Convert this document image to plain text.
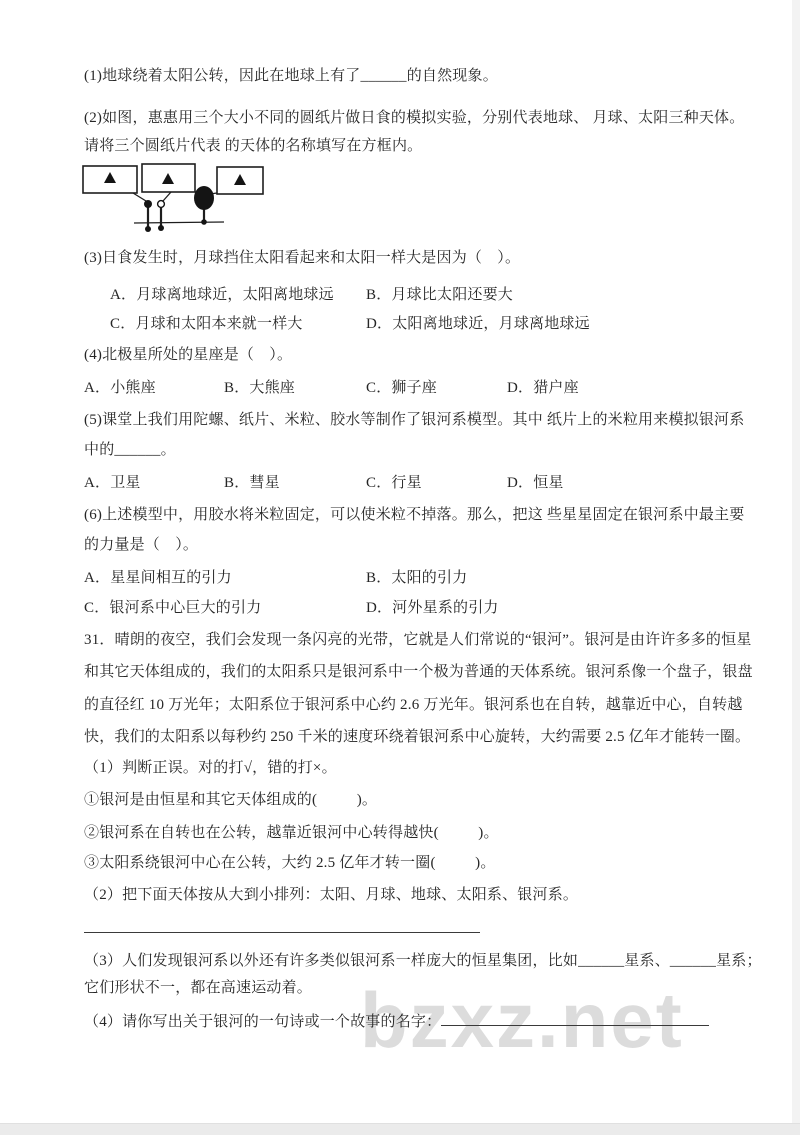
bzxz.net
(1)地球绕着太阳公转，因此在地球上有了______的自然现象。
(2)如图，惠惠用三个大小不同的圆纸片做日食的模拟实验，分别代表地球、 月球、太阳三种天体。
请将三个圆纸片代表 的天体的名称填写在方框内。
(3)日食发生时，月球挡住太阳看起来和太阳一样大是因为（　）。
A．月球离地球近，太阳离地球远 B．月球比太阳还要大
C．月球和太阳本来就一样大	D．太阳离地球近，月球离地球远
(4)北极星所处的星座是（　）。
A．小熊座	B．大熊座	C．狮子座	D．猎户座
(5)课堂上我们用陀螺、纸片、米粒、胶水等制作了银河系模型。其中 纸片上的米粒用来模拟银河系
中的______。
A．卫星	B．彗星	C．行星	D．恒星
(6)上述模型中，用胶水将米粒固定，可以使米粒不掉落。那么，把这 些星星固定在银河系中最主要
的力量是（　）。
A．星星间相互的引力	B．太阳的引力
C．银河系中心巨大的引力	D．河外星系的引力
31．晴朗的夜空，我们会发现一条闪亮的光带，它就是人们常说的“银河”。银河是由许许多多的恒星
和其它天体组成的，我们的太阳系只是银河系中一个极为普通的天体系统。银河系像一个盘子，银盘
的直径红 10 万光年；太阳系位于银河系中心约 2.6 万光年。银河系也在自转，越靠近中心，自转越
快，我们的太阳系以每秒约 250 千米的速度环绕着银河系中心旋转，大约需要 2.5 亿年才能转一圈。
（1）判断正误。对的打√，错的打×。
①银河是由恒星和其它天体组成的(          )。
②银河系在自转也在公转，越靠近银河中心转得越快(          )。
③太阳系绕银河中心在公转，大约 2.5 亿年才转一圈(          )。
（2）把下面天体按从大到小排列：太阳、月球、地球、太阳系、银河系。
（3）人们发现银河系以外还有许多类似银河系一样庞大的恒星集团，比如______星系、______星系；
它们形状不一，都在高速运动着。
（4）请你写出关于银河的一句诗或一个故事的名字：
